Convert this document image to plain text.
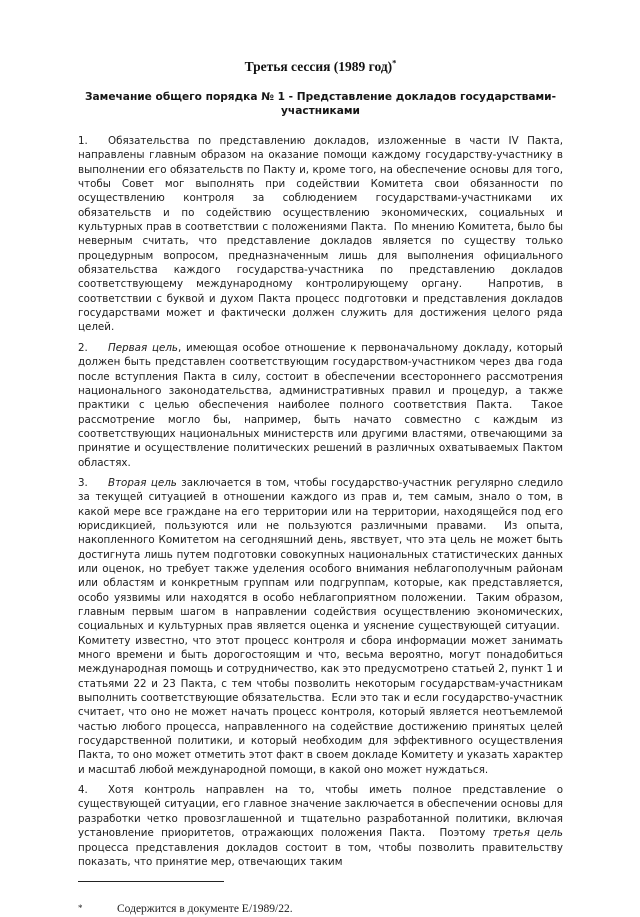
Третья сессия (1989 год)*
Замечание общего порядка № 1 - Представление докладов государствами-участниками

1. Обязательства по представлению докладов, изложенные в части IV Пакта, направлены главным образом на оказание помощи каждому государству-участнику в выполнении его обязательств по Пакту и, кроме того, на обеспечение основы для того, чтобы Совет мог выполнять при содействии Комитета свои обязанности по осуществлению контроля за соблюдением государствами-участниками их обязательств и по содействию осуществлению экономических, социальных и культурных прав в соответствии с положениями Пакта.  По мнению Комитета, было бы неверным считать, что представление докладов является по существу только процедурным вопросом, предназначенным лишь для выполнения официального обязательства каждого государства-участника по представлению докладов соответствующему международному контролирующему органу.  Напротив, в соответствии с буквой и духом Пакта процесс подготовки и представления докладов государствами может и фактически должен служить для достижения целого ряда целей.

2. Первая цель, имеющая особое отношение к первоначальному докладу, который должен быть представлен соответствующим государством-участником через два года после вступления Пакта в силу, состоит в обеспечении всестороннего рассмотрения национального законодательства, административных правил и процедур, а также практики с целью обеспечения наиболее полного соответствия Пакта.  Такое рассмотрение могло бы, например, быть начато совместно с каждым из соответствующих национальных министерств или другими властями, отвечающими за принятие и осуществление политических решений в различных охватываемых Пактом областях.

3. Вторая цель заключается в том, чтобы государство-участник регулярно следило за текущей ситуацией в отношении каждого из прав и, тем самым, знало о том, в какой мере все граждане на его территории или на территории, находящейся под его юрисдикцией, пользуются или не пользуются различными правами.  Из опыта, накопленного Комитетом на сегодняшний день, явствует, что эта цель не может быть достигнута лишь путем подготовки совокупных национальных статистических данных или оценок, но требует также уделения особого внимания неблагополучным районам или областям и конкретным группам или подгруппам, которые, как представляется, особо уязвимы или находятся в особо неблагоприятном положении.  Таким образом, главным первым шагом в направлении содействия осуществлению экономических, социальных и культурных прав является оценка и уяснение существующей ситуации.  Комитету известно, что этот процесс контроля и сбора информации может занимать много времени и быть дорогостоящим и что, весьма вероятно, могут понадобиться международная помощь и сотрудничество, как это предусмотрено статьей 2, пункт 1 и статьями 22 и 23 Пакта, с тем чтобы позволить некоторым государствам-участникам выполнить соответствующие обязательства.  Если это так и если государство-участник считает, что оно не может начать процесс контроля, который является неотъемлемой частью любого процесса, направленного на содействие достижению принятых целей государственной политики, и который необходим для эффективного осуществления Пакта, то оно может отметить этот факт в своем докладе Комитету и указать характер и масштаб любой международной помощи, в какой оно может нуждаться.

4. Хотя контроль направлен на то, чтобы иметь полное представление о существующей ситуации, его главное значение заключается в обеспечении основы для разработки четко провозглашенной и тщательно разработанной политики, включая установление приоритетов, отражающих положения Пакта.  Поэтому третья цель процесса представления докладов состоит в том, чтобы позволить правительству показать, что принятие мер, отвечающих таким

*	Содержится в документе E/1989/22.
